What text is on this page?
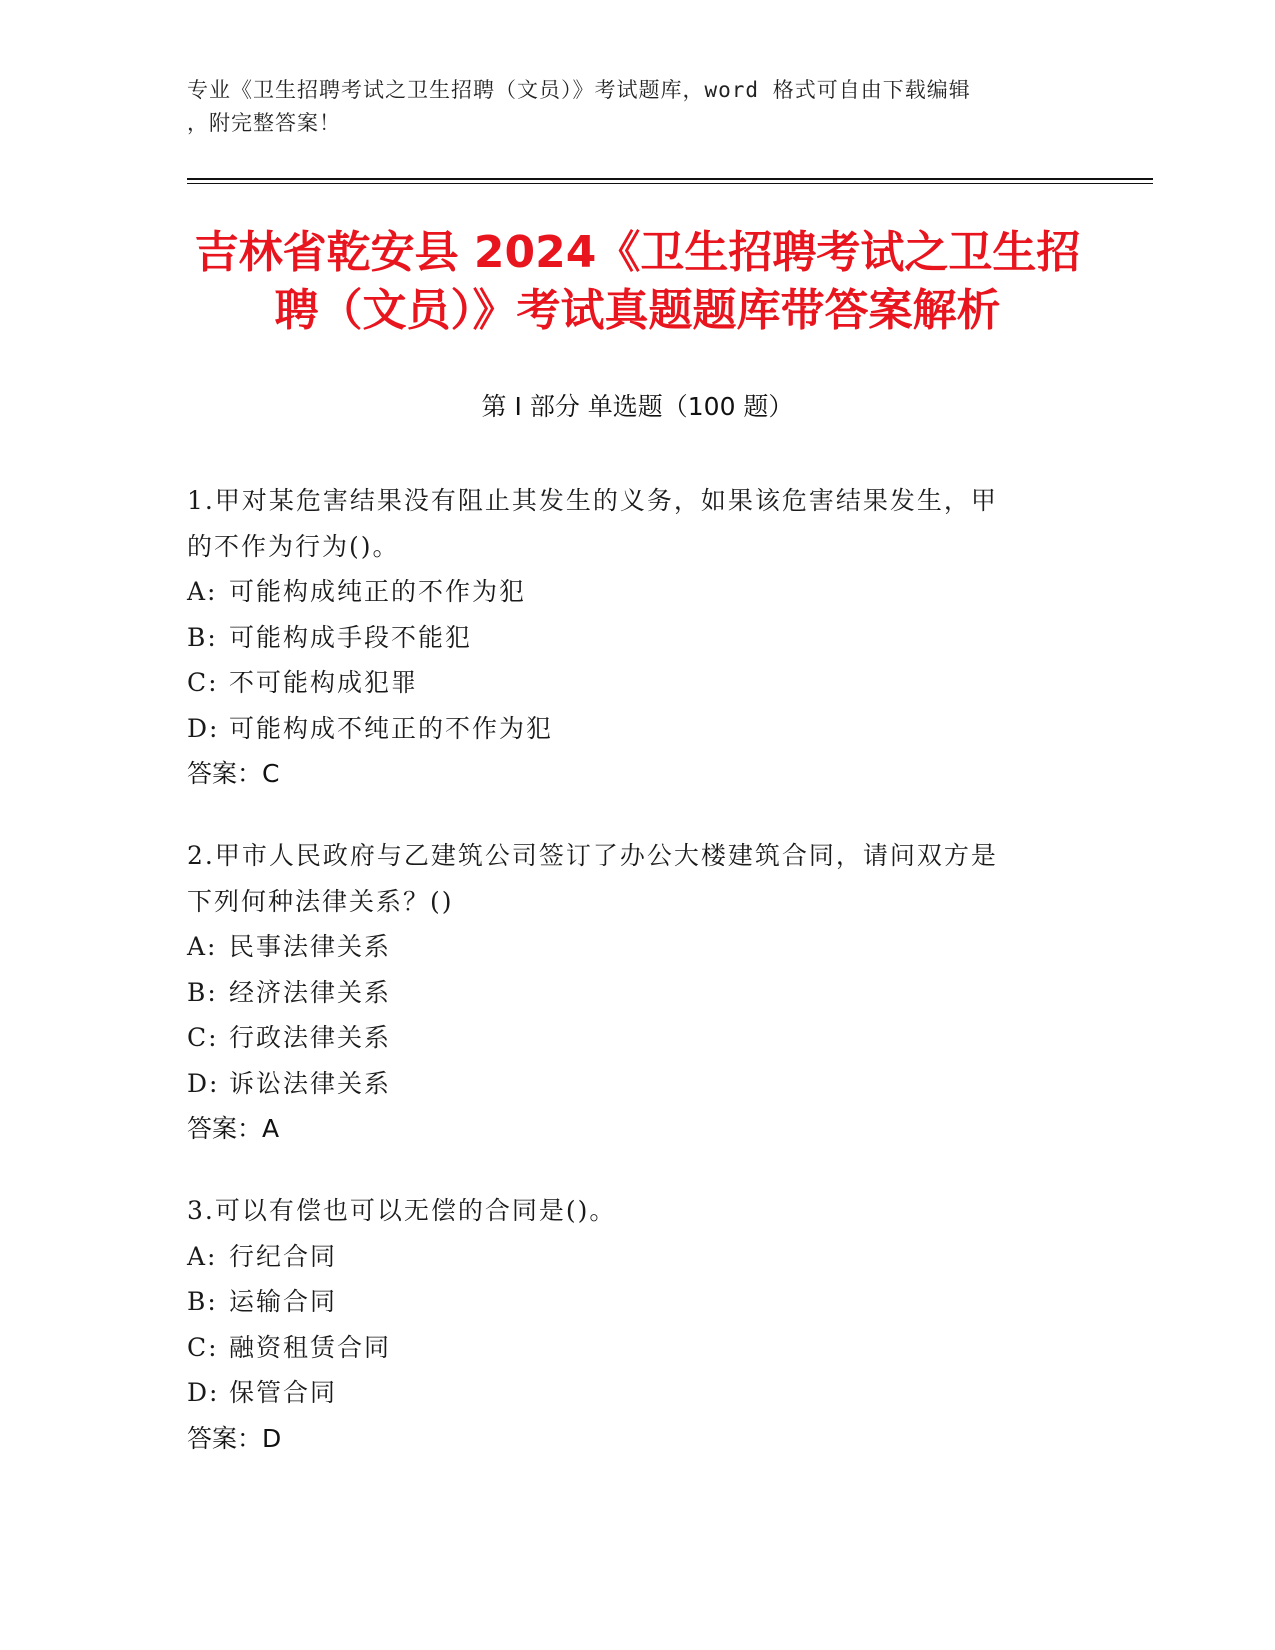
专业《卫生招聘考试之卫生招聘（文员）》考试题库，word 格式可自由下载编辑
，附完整答案！
吉林省乾安县 2024《卫生招聘考试之卫生招
聘（文员）》考试真题题库带答案解析
第 I 部分 单选题（100 题）
1.甲对某危害结果没有阻止其发生的义务，如果该危害结果发生，甲
的不作为行为()。
A: 可能构成纯正的不作为犯
B: 可能构成手段不能犯
C: 不可能构成犯罪
D: 可能构成不纯正的不作为犯
答案：C
2.甲市人民政府与乙建筑公司签订了办公大楼建筑合同，请问双方是
下列何种法律关系？()
A: 民事法律关系
B: 经济法律关系
C: 行政法律关系
D: 诉讼法律关系
答案：A
3.可以有偿也可以无偿的合同是()。
A: 行纪合同
B: 运输合同
C: 融资租赁合同
D: 保管合同
答案：D
